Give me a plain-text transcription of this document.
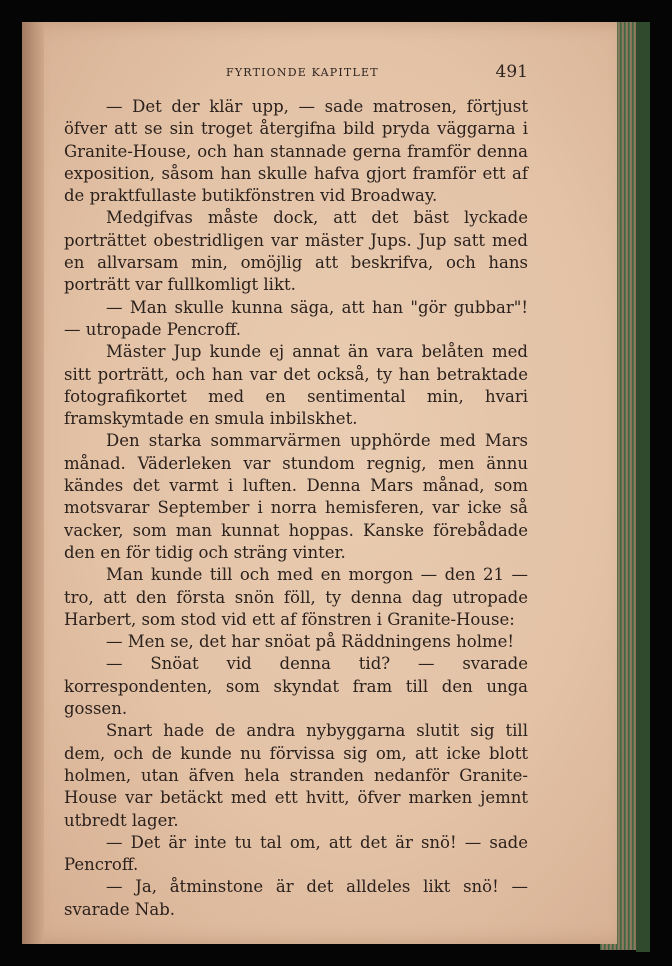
FYRTIONDE KAPITLET	491

— Det der klär upp, — sade matrosen, förtjust öfver att se sin troget återgifna bild pryda väggarna i Granite-House, och han stannade gerna framför denna exposition, såsom han skulle hafva gjort framför ett af de praktfullaste butikfönstren vid Broadway.

Medgifvas måste dock, att det bäst lyckade porträttet obestridligen var mäster Jups. Jup satt med en allvarsam min, omöjlig att beskrifva, och hans porträtt var fullkomligt likt.

— Man skulle kunna säga, att han "gör gubbar"! — utropade Pencroff.

Mäster Jup kunde ej annat än vara belåten med sitt porträtt, och han var det också, ty han betraktade fotografikortet med en sentimental min, hvari framskymtade en smula inbilskhet.

Den starka sommarvärmen upphörde med Mars månad. Väderleken var stundom regnig, men ännu kändes det varmt i luften. Denna Mars månad, som motsvarar September i norra hemisferen, var icke så vacker, som man kunnat hoppas. Kanske förebådade den en för tidig och sträng vinter.

Man kunde till och med en morgon — den 21 — tro, att den första snön föll, ty denna dag utropade Harbert, som stod vid ett af fönstren i Granite-House:

— Men se, det har snöat på Räddningens holme!

— Snöat vid denna tid? — svarade korrespondenten, som skyndat fram till den unga gossen.

Snart hade de andra nybyggarna slutit sig till dem, och de kunde nu förvissa sig om, att icke blott holmen, utan äfven hela stranden nedanför Granite-House var betäckt med ett hvitt, öfver marken jemnt utbredt lager.

— Det är inte tu tal om, att det är snö! — sade Pencroff.

— Ja, åtminstone är det alldeles likt snö! — svarade Nab.
